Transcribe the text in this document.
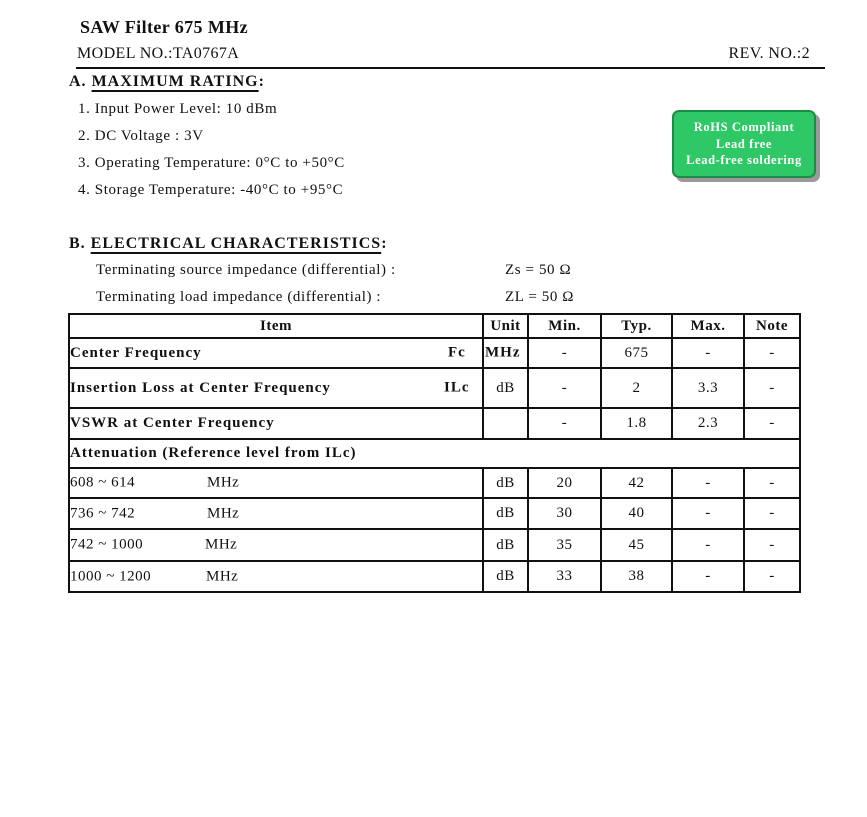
SAW Filter 675 MHz
MODEL NO.:TA0767A	REV. NO.:2
A. MAXIMUM RATING:
1. Input Power Level: 10 dBm
2. DC Voltage : 3V
3. Operating Temperature: 0°C to +50°C
4. Storage Temperature: -40°C to +95°C
RoHS Compliant
Lead free
Lead-free soldering
B. ELECTRICAL CHARACTERISTICS:
Terminating source impedance (differential) :	Zs = 50 Ω
Terminating load impedance (differential) :	ZL = 50 Ω
Item	Unit	Min.	Typ.	Max.	Note
Center Frequency Fc	MHz	-	675	-	-
Insertion Loss at Center Frequency ILc	dB	-	2	3.3	-
VSWR at Center Frequency		-	1.8	2.3	-
Attenuation (Reference level from ILc)					

608 ~ 614 MHz	dB	20	42	-	-

736 ~ 742 MHz	dB	30	40	-	-

742 ~ 1000 MHz	dB	35	45	-	-

1000 ~ 1200 MHz	dB	33	38	-	-
